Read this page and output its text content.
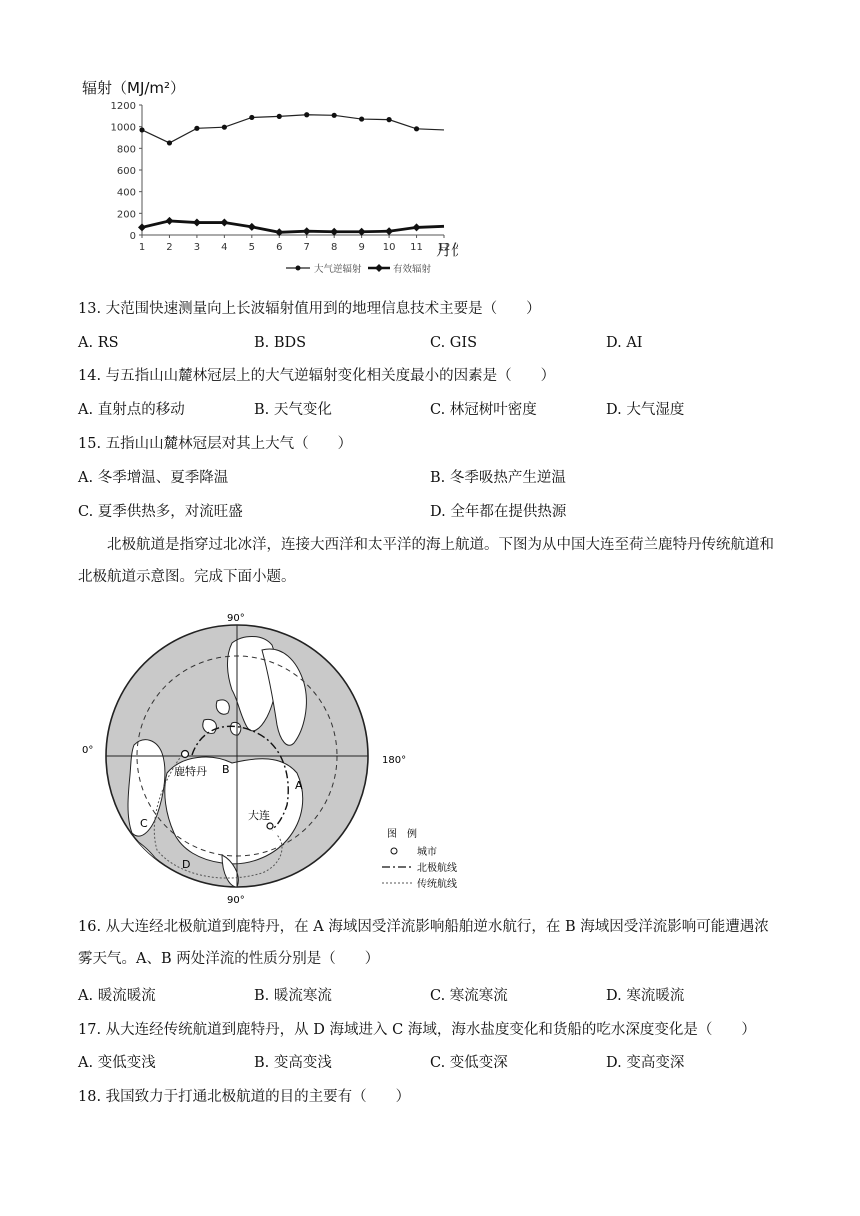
辐射（MJ/m²）
月
0
200
400
600
800
1000
1200
1 2 3 4 5 6 7 8 9 10 11 12
大气逆辐射	有效辐射
13. 大范围快速测量向上长波辐射值用到的地理信息技术主要是（　　）
A. RS	B. BDS	C. GIS	D. AI
14. 与五指山山麓林冠层上的大气逆辐射变化相关度最小的因素是（　　）
A. 直射点的移动	B. 天气变化	C. 林冠树叶密度	D. 大气湿度
15. 五指山山麓林冠层对其上大气（　　）
A. 冬季增温、夏季降温	B. 冬季吸热产生逆温
C. 夏季供热多，对流旺盛	D. 全年都在提供热源
北极航道是指穿过北冰洋，连接大西洋和太平洋的海上航道。下图为从中国大连至荷兰鹿特丹传统航道和北极航道示意图。完成下面小题。
90°
90°
0°
180°
鹿特丹 B
A
大连
C
D
图　例
城市
北极航线
传统航线
16. 从大连经北极航道到鹿特丹，在 A 海域因受洋流影响船舶逆水航行，在 B 海域因受洋流影响可能遭遇浓雾天气。A、B 两处洋流的性质分别是（　　）
A. 暖流暖流	B. 暖流寒流	C. 寒流寒流	D. 寒流暖流
17. 从大连经传统航道到鹿特丹，从 D 海域进入 C 海域，海水盐度变化和货船的吃水深度变化是（　　）
A. 变低变浅	B. 变高变浅	C. 变低变深	D. 变高变深
18. 我国致力于打通北极航道的目的主要有（　　）
